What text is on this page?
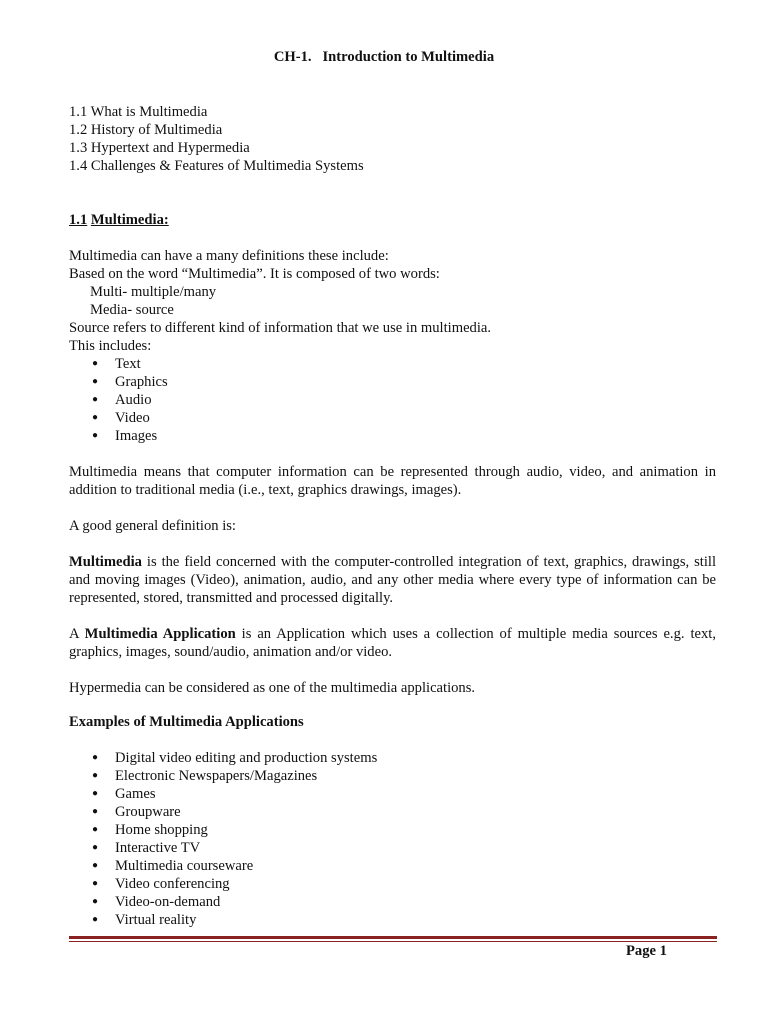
CH-1.   Introduction to Multimedia
1.1 What is Multimedia
1.2 History of Multimedia
1.3 Hypertext and Hypermedia
1.4 Challenges & Features of Multimedia Systems
1.1 Multimedia:

Multimedia can have a many definitions these include:

Based on the word “Multimedia”. It is composed of two words:

Multi- multiple/many

Media- source

Source refers to different kind of information that we use in multimedia.

This includes:

● Text
● Graphics
● Audio
● Video
● Images

Multimedia means that computer information can be represented through audio, video, and animation in addition to traditional media (i.e., text, graphics drawings, images).

A good general definition is:

Multimedia is the field concerned with the computer-controlled integration of text, graphics, drawings, still and moving images (Video), animation, audio, and any other media where every type of information can be represented, stored, transmitted and processed digitally.

A Multimedia Application is an Application which uses a collection of multiple media sources e.g. text, graphics, images, sound/audio, animation and/or video.

Hypermedia can be considered as one of the multimedia applications.

Examples of Multimedia Applications

● Digital video editing and production systems
● Electronic Newspapers/Magazines
● Games
● Groupware
● Home shopping
● Interactive TV
● Multimedia courseware
● Video conferencing
● Video-on-demand
● Virtual reality
Page 1
